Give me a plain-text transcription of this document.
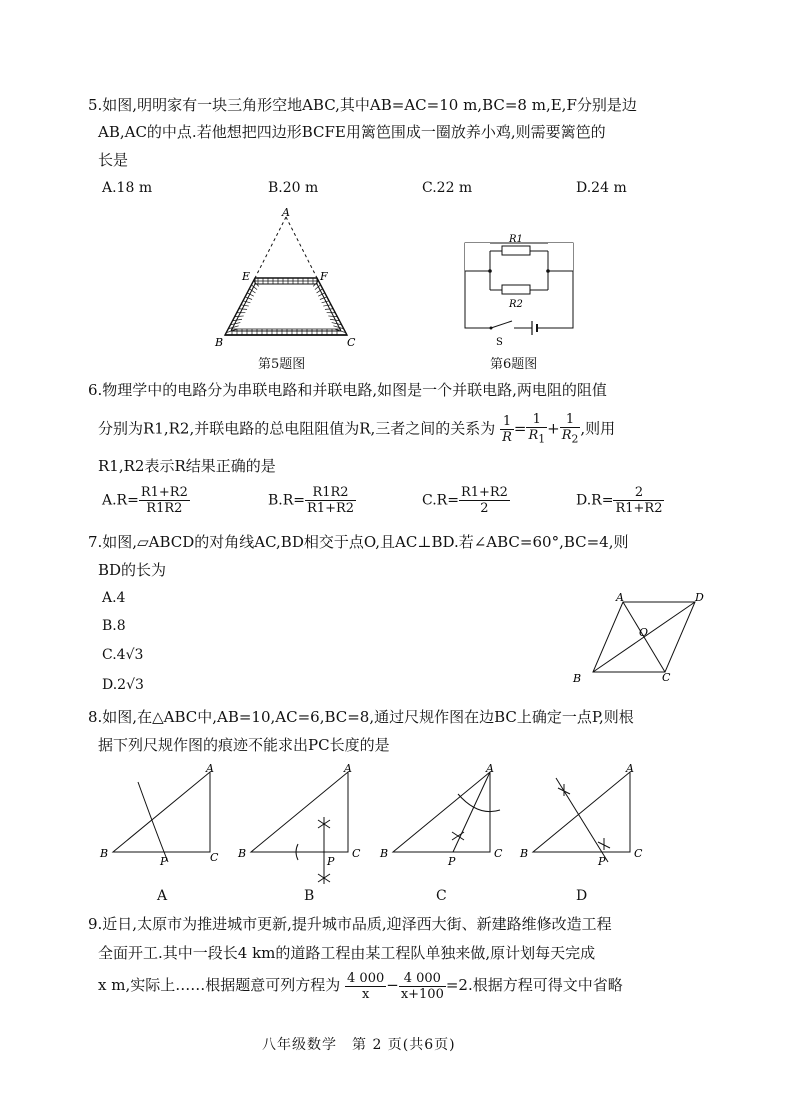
5.如图,明明家有一块三角形空地ABC,其中AB=AC=10 m,BC=8 m,E,F分别是边
AB,AC的中点.若他想把四边形BCFE用篱笆围成一圈放养小鸡,则需要篱笆的
长是
A.18 m	B.20 m	C.22 m	D.24 m
A
E	F
B	C
第5题图
R1
R2
S
第6题图
6.物理学中的电路分为串联电路和并联电路,如图是一个并联电路,两电阻的阻值
分别为R1,R2,并联电路的总电阻阻值为R,三者之间的关系为 $\frac{1}{R} = \frac{1}{R_1} + \frac{1}{R_2}$ ,则用
R1,R2表示R结果正确的是
$A.R= \frac{R1+R2}{R1R2}$	$B.R= \frac{R1R2}{R1+R2}$	$C.R= \frac{R1+R2}{2}$	$D.R= \frac{2}{R1+R2}$
7.如图,▱ABCD的对角线AC,BD相交于点O,且AC⊥BD.若∠ABC=60°,BC=4,则
BD的长为
A.4
B.8
C.4√3
D.2√3
A	D
O
B	C
8.如图,在△ABC中,AB=10,AC=6,BC=8,通过尺规作图在边BC上确定一点P,则根
据下列尺规作图的痕迹不能求出PC长度的是
A
B	C
P
A
A
B	C
P
B
A
B	C
P
C
A
B	C
P
D
9.近日,太原市为推进城市更新,提升城市品质,迎泽西大街、新建路维修改造工程
全面开工.其中一段长4 km的道路工程由某工程队单独来做,原计划每天完成
x m,实际上……根据题意可列方程为 $\frac{4 000}{x} - \frac{4 000}{x+100} =2$.根据方程可得文中省略
八年级数学　第 2 页(共6页)
